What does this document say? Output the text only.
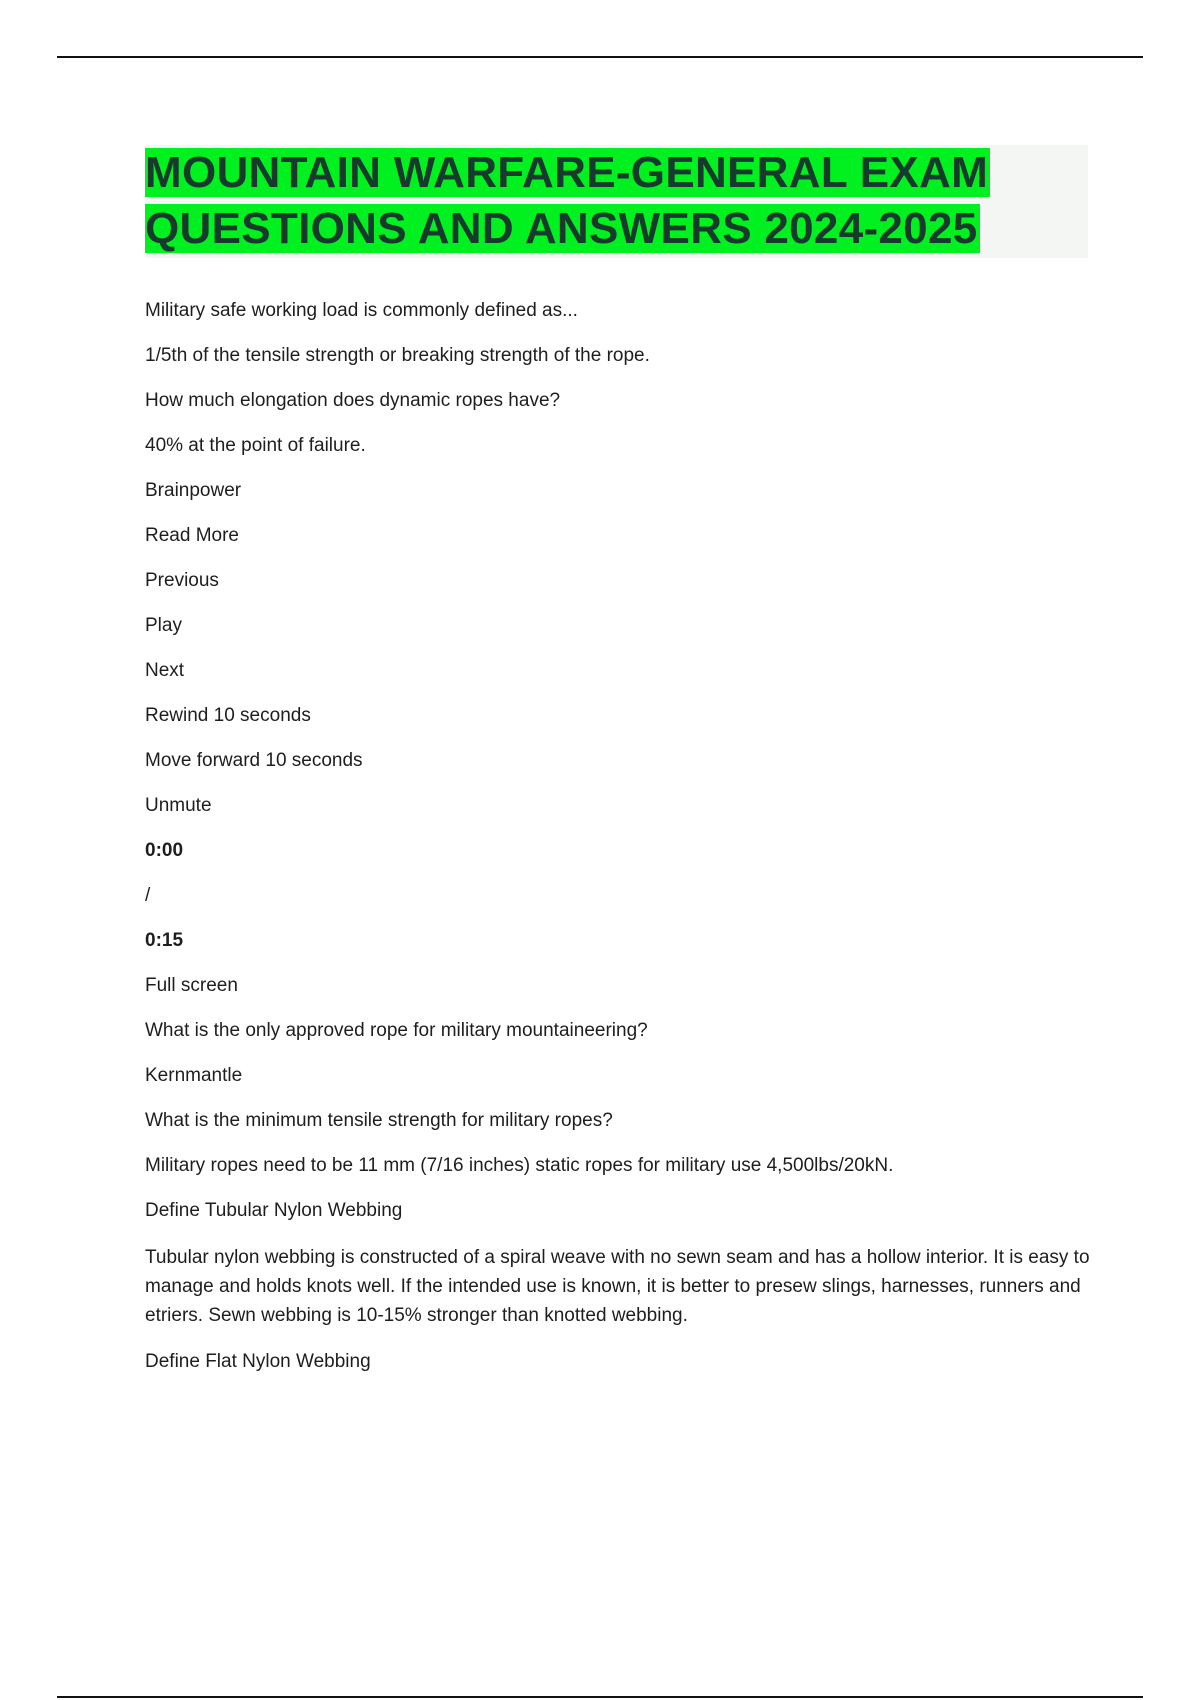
MOUNTAIN WARFARE-GENERAL EXAM QUESTIONS AND ANSWERS 2024-2025

Military safe working load is commonly defined as...

1/5th of the tensile strength or breaking strength of the rope.

How much elongation does dynamic ropes have?

40% at the point of failure.

Brainpower

Read More

Previous

Play

Next

Rewind 10 seconds

Move forward 10 seconds

Unmute

0:00

/

0:15

Full screen

What is the only approved rope for military mountaineering?

Kernmantle

What is the minimum tensile strength for military ropes?

Military ropes need to be 11 mm (7/16 inches) static ropes for military use 4,500lbs/20kN.

Define Tubular Nylon Webbing

Tubular nylon webbing is constructed of a spiral weave with no sewn seam and has a hollow interior. It is easy to manage and holds knots well. If the intended use is known, it is better to presew slings, harnesses, runners and etriers. Sewn webbing is 10-15% stronger than knotted webbing.

Define Flat Nylon Webbing
